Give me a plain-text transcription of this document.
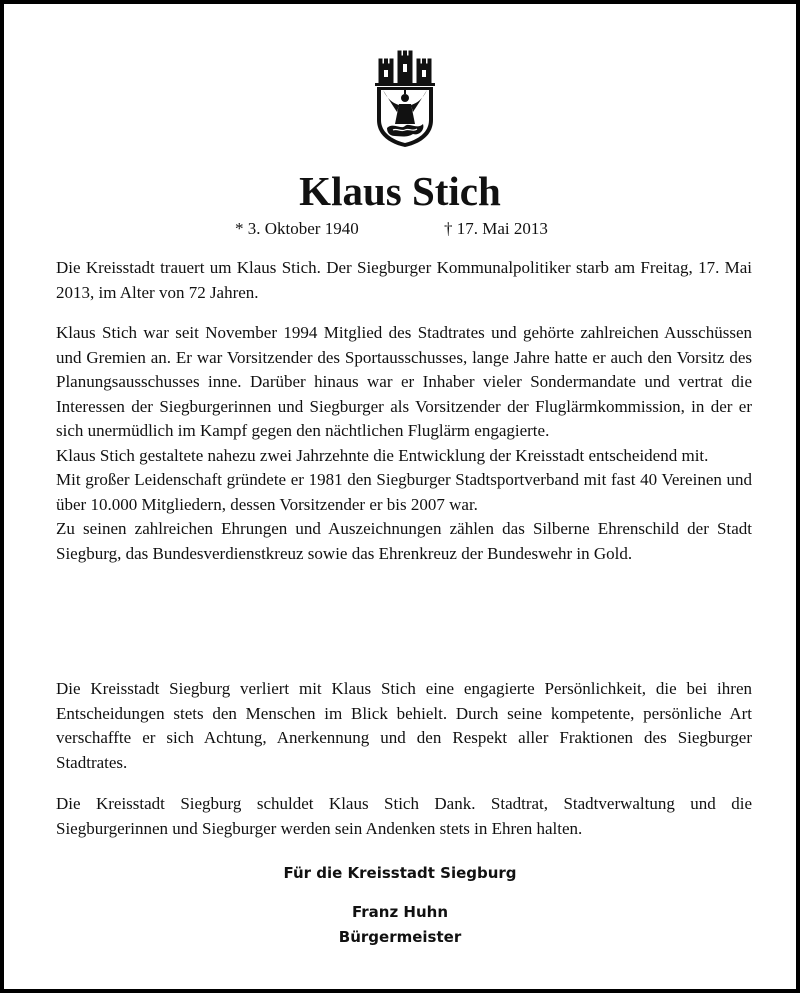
Klaus Stich
* 3. Oktober 1940	† 17. Mai 2013

Die Kreisstadt trauert um Klaus Stich. Der Siegburger Kommunalpolitiker starb am Freitag, 17. Mai 2013, im Alter von 72 Jahren.

Klaus Stich war seit November 1994 Mitglied des Stadtrates und gehörte zahlreichen Ausschüssen und Gremien an. Er war Vorsitzender des Sportausschusses, lange Jahre hatte er auch den Vorsitz des Planungsausschusses inne. Darüber hinaus war er Inhaber vieler Sondermandate und vertrat die Interessen der Siegburgerinnen und Siegburger als Vorsitzender der Fluglärmkommission, in der er sich unermüdlich im Kampf gegen den nächtlichen Fluglärm engagierte.

Klaus Stich gestaltete nahezu zwei Jahrzehnte die Entwicklung der Kreisstadt entscheidend mit.

Mit großer Leidenschaft gründete er 1981 den Siegburger Stadtsportverband mit fast 40 Vereinen und über 10.000 Mitgliedern, dessen Vorsitzender er bis 2007 war.

Zu seinen zahlreichen Ehrungen und Auszeichnungen zählen das Silberne Ehrenschild der Stadt Siegburg, das Bundesverdienstkreuz sowie das Ehrenkreuz der Bundeswehr in Gold.

Die Kreisstadt Siegburg verliert mit Klaus Stich eine engagierte Persönlichkeit, die bei ihren Entscheidungen stets den Menschen im Blick behielt. Durch seine kompetente, persönliche Art verschaffte er sich Achtung, Anerkennung und den Respekt aller Fraktionen des Siegburger Stadtrates.

Die Kreisstadt Siegburg schuldet Klaus Stich Dank. Stadtrat, Stadtverwaltung und die Siegburgerinnen und Siegburger werden sein Andenken stets in Ehren halten.

Für die Kreisstadt Siegburg
Franz Huhn
Bürgermeister
